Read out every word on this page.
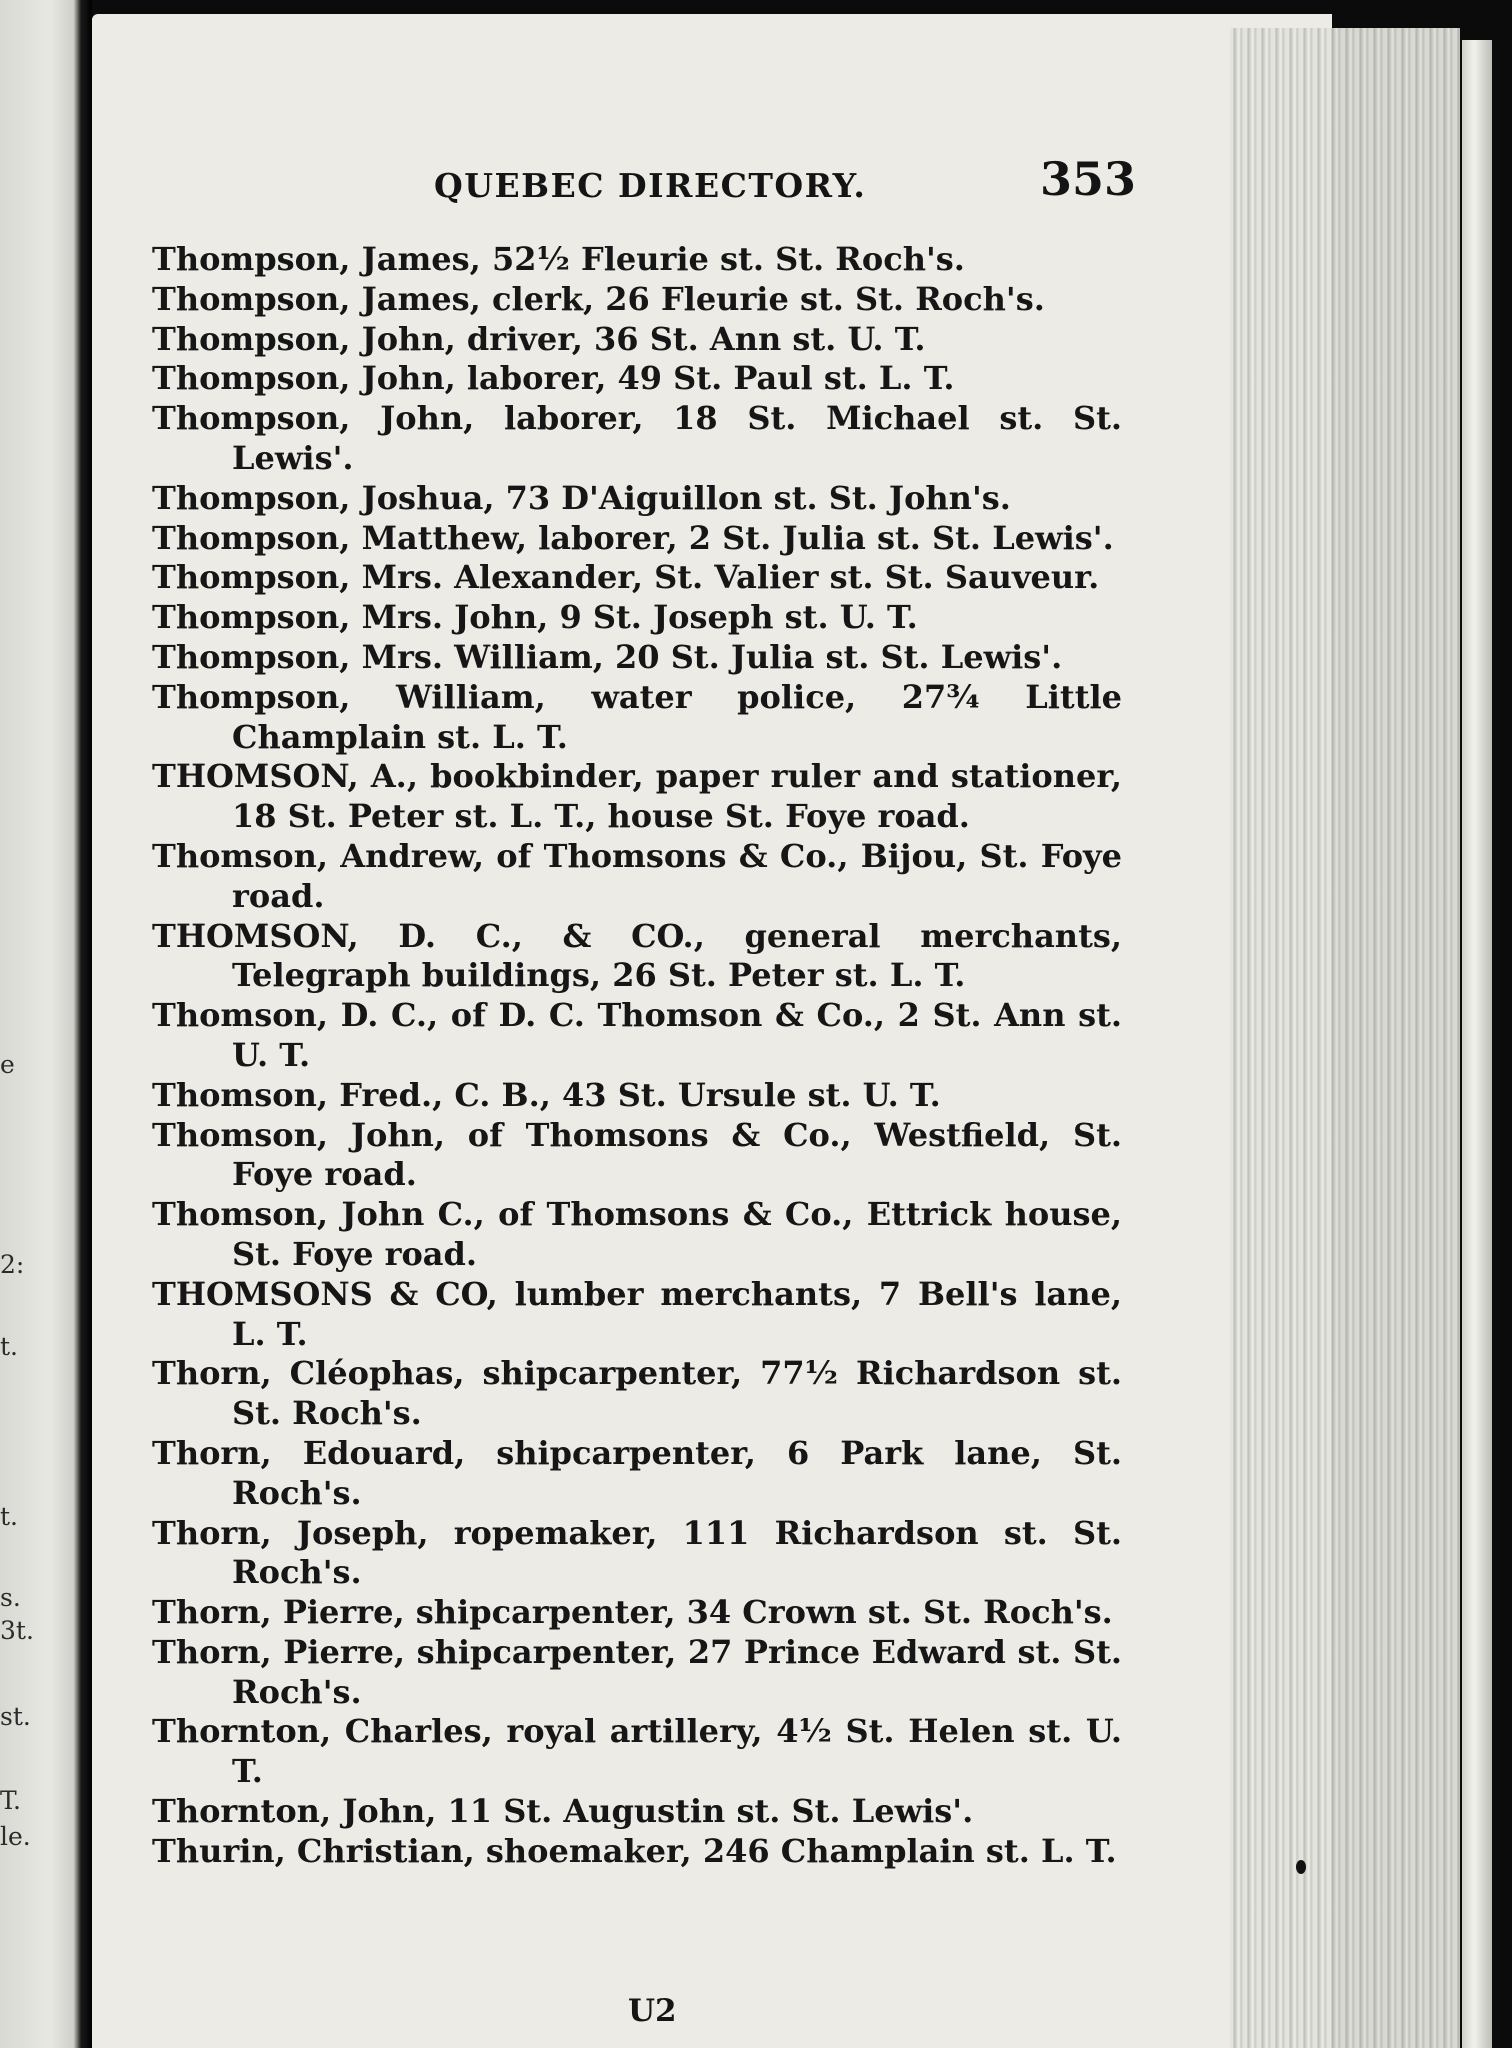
e
2:
t.
t.
s.
3t.
st.
T.
le.
QUEBEC DIRECTORY.	353
Thompson, James, 52½ Fleurie st. St. Roch's.
Thompson, James, clerk, 26 Fleurie st. St. Roch's.
Thompson, John, driver, 36 St. Ann st. U. T.
Thompson, John, laborer, 49 St. Paul st. L. T.
Thompson, John, laborer, 18 St. Michael st. St. Lewis'.
Thompson, Joshua, 73 D'Aiguillon st. St. John's.
Thompson, Matthew, laborer, 2 St. Julia st. St. Lewis'.
Thompson, Mrs. Alexander, St. Valier st. St. Sauveur.
Thompson, Mrs. John, 9 St. Joseph st. U. T.
Thompson, Mrs. William, 20 St. Julia st. St. Lewis'.
Thompson, William, water police, 27¾ Little Champlain st. L. T.
THOMSON, A., bookbinder, paper ruler and stationer, 18 St. Peter st. L. T., house St. Foye road.
Thomson, Andrew, of Thomsons & Co., Bijou, St. Foye road.
THOMSON, D. C., & CO., general merchants, Telegraph buildings, 26 St. Peter st. L. T.
Thomson, D. C., of D. C. Thomson & Co., 2 St. Ann st. U. T.
Thomson, Fred., C. B., 43 St. Ursule st. U. T.
Thomson, John, of Thomsons & Co., Westfield, St. Foye road.
Thomson, John C., of Thomsons & Co., Ettrick house, St. Foye road.
THOMSONS & CO, lumber merchants, 7 Bell's lane, L. T.
Thorn, Cléophas, shipcarpenter, 77½ Richardson st. St. Roch's.
Thorn, Edouard, shipcarpenter, 6 Park lane, St. Roch's.
Thorn, Joseph, ropemaker, 111 Richardson st. St. Roch's.
Thorn, Pierre, shipcarpenter, 34 Crown st. St. Roch's.
Thorn, Pierre, shipcarpenter, 27 Prince Edward st. St. Roch's.
Thornton, Charles, royal artillery, 4½ St. Helen st. U. T.
Thornton, John, 11 St. Augustin st. St. Lewis'.
Thurin, Christian, shoemaker, 246 Champlain st. L. T.
U2
